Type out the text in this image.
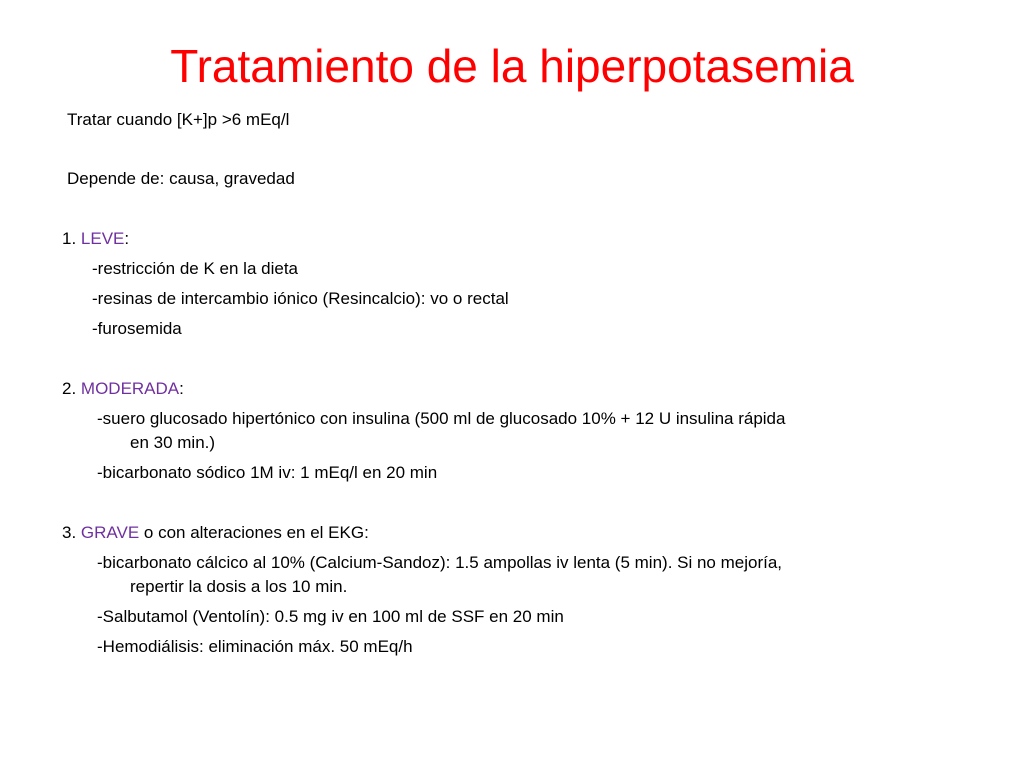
Tratamiento de la hiperpotasemia
Tratar cuando [K+]p >6 mEq/l
Depende de: causa, gravedad
1. LEVE:
-restricción de K en la dieta
-resinas de intercambio iónico (Resincalcio): vo o rectal
-furosemida
2. MODERADA:
-suero glucosado hipertónico con insulina (500 ml de glucosado 10% + 12 U insulina rápida
en 30 min.)
-bicarbonato sódico 1M iv: 1 mEq/l en 20 min
3. GRAVE o con alteraciones en el EKG:
-bicarbonato cálcico al 10% (Calcium-Sandoz): 1.5 ampollas iv lenta (5 min). Si no mejoría,
repertir la dosis a los 10 min.
-Salbutamol (Ventolín): 0.5 mg iv en 100 ml de SSF en 20 min
-Hemodiálisis: eliminación máx. 50 mEq/h
